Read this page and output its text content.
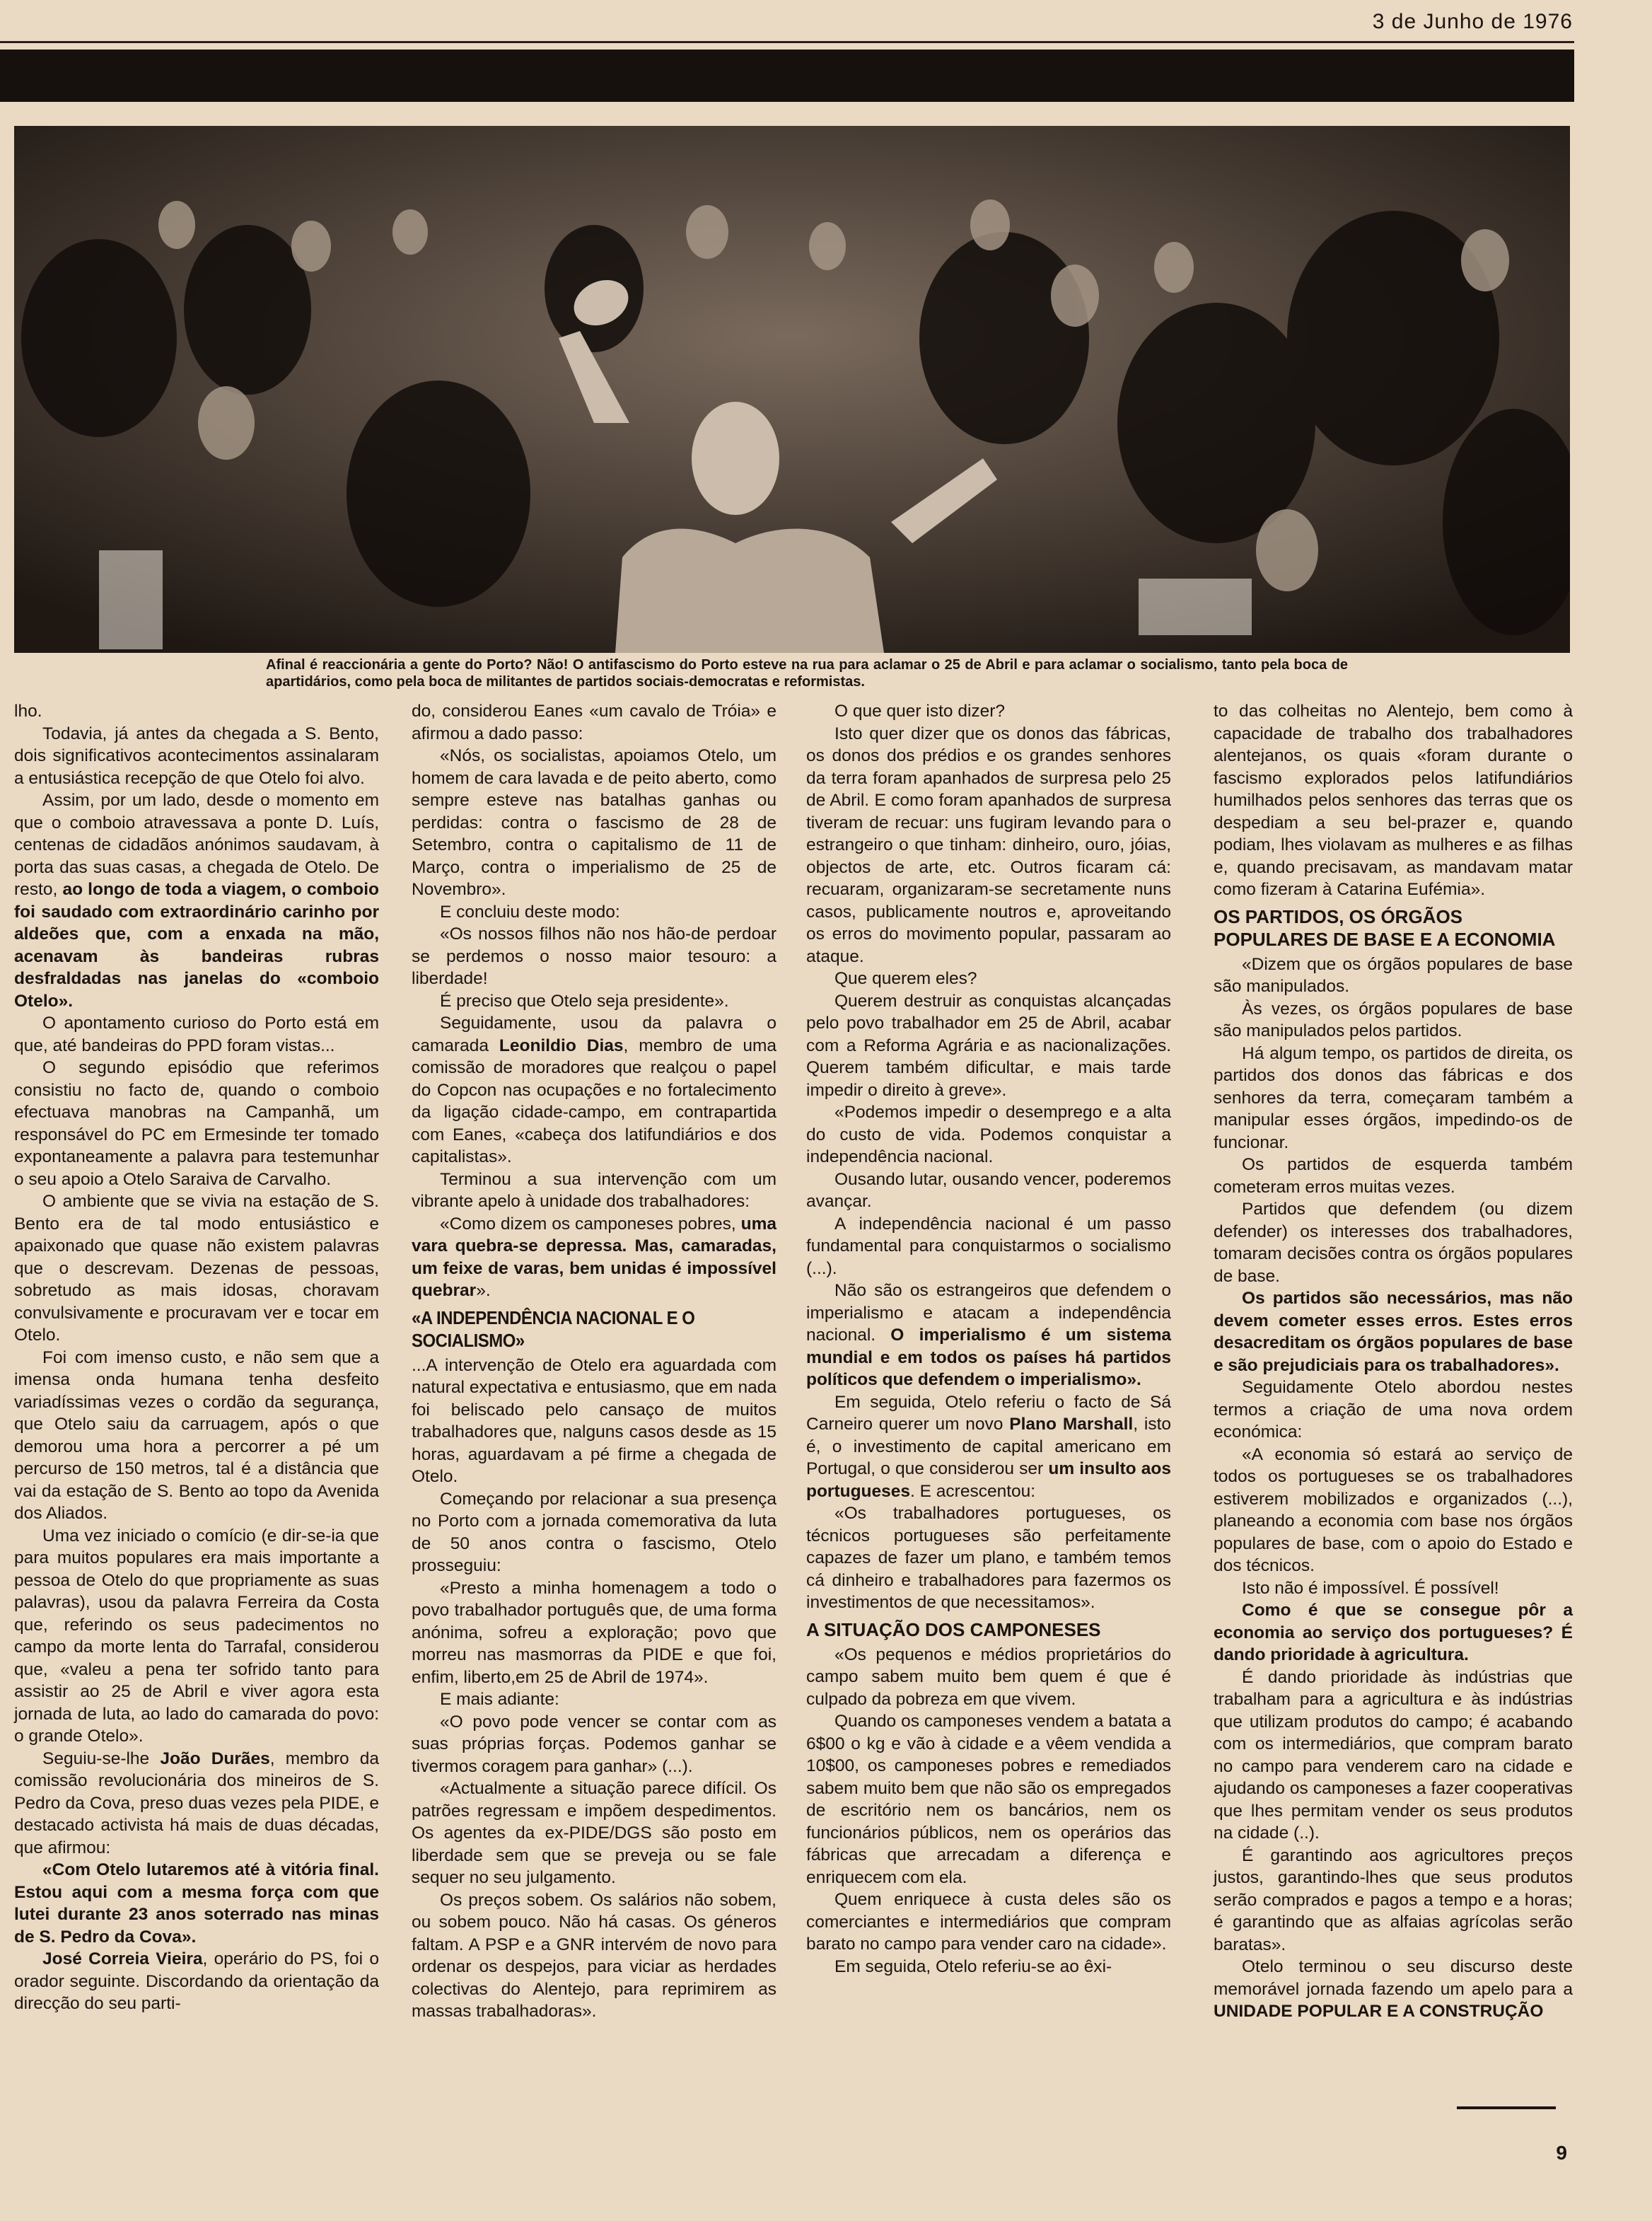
3 de Junho de 1976
Afinal é reaccionária a gente do Porto? Não! O antifascismo do Porto esteve na rua para aclamar o 25 de Abril e para aclamar o socialismo, tanto pela boca de apartidários, como pela boca de militantes de partidos sociais-democratas e reformistas.

lho.

Todavia, já antes da chegada a S. Bento, dois significativos acontecimentos assinalaram a entusiástica recepção de que Otelo foi alvo.

Assim, por um lado, desde o momento em que o comboio atravessava a ponte D. Luís, centenas de cidadãos anónimos saudavam, à porta das suas casas, a chegada de Otelo. De resto, ao longo de toda a viagem, o comboio foi saudado com extraordinário carinho por aldeões que, com a enxada na mão, acenavam às bandeiras rubras desfraldadas nas janelas do «comboio Otelo».

O apontamento curioso do Porto está em que, até bandeiras do PPD foram vistas...

O segundo episódio que referimos consistiu no facto de, quando o comboio efectuava manobras na Campanhã, um responsável do PC em Ermesinde ter tomado expontaneamente a palavra para testemunhar o seu apoio a Otelo Saraiva de Carvalho.

O ambiente que se vivia na estação de S. Bento era de tal modo entusiástico e apaixonado que quase não existem palavras que o descrevam. Dezenas de pessoas, sobretudo as mais idosas, choravam convulsivamente e procuravam ver e tocar em Otelo.

Foi com imenso custo, e não sem que a imensa onda humana tenha desfeito variadíssimas vezes o cordão da segurança, que Otelo saiu da carruagem, após o que demorou uma hora a percorrer a pé um percurso de 150 metros, tal é a distância que vai da estação de S. Bento ao topo da Avenida dos Aliados.

Uma vez iniciado o comício (e dir-se-ia que para muitos populares era mais importante a pessoa de Otelo do que propriamente as suas palavras), usou da palavra Ferreira da Costa que, referindo os seus padecimentos no campo da morte lenta do Tarrafal, considerou que, «valeu a pena ter sofrido tanto para assistir ao 25 de Abril e viver agora esta jornada de luta, ao lado do camarada do povo: o grande Otelo».

Seguiu-se-lhe João Durães, membro da comissão revolucionária dos mineiros de S. Pedro da Cova, preso duas vezes pela PIDE, e destacado activista há mais de duas décadas, que afirmou:

«Com Otelo lutaremos até à vitória final. Estou aqui com a mesma força com que lutei durante 23 anos soterrado nas minas de S. Pedro da Cova».

José Correia Vieira, operário do PS, foi o orador seguinte. Discordando da orientação da direcção do seu parti-

do, considerou Eanes «um cavalo de Tróia» e afirmou a dado passo:

«Nós, os socialistas, apoiamos Otelo, um homem de cara lavada e de peito aberto, como sempre esteve nas batalhas ganhas ou perdidas: contra o fascismo de 28 de Setembro, contra o capitalismo de 11 de Março, contra o imperialismo de 25 de Novembro».

E concluiu deste modo:

«Os nossos filhos não nos hão-de perdoar se perdemos o nosso maior tesouro: a liberdade!

É preciso que Otelo seja presidente».

Seguidamente, usou da palavra o camarada Leonildio Dias, membro de uma comissão de moradores que realçou o papel do Copcon nas ocupações e no fortalecimento da ligação cidade-campo, em contrapartida com Eanes, «cabeça dos latifundiários e dos capitalistas».

Terminou a sua intervenção com um vibrante apelo à unidade dos trabalhadores:

«Como dizem os camponeses pobres, uma vara quebra-se depressa. Mas, camaradas, um feixe de varas, bem unidas é impossível quebrar».

«A INDEPENDÊNCIA NACIONAL E O SOCIALISMO»

...A intervenção de Otelo era aguardada com natural expectativa e entusiasmo, que em nada foi beliscado pelo cansaço de muitos trabalhadores que, nalguns casos desde as 15 horas, aguardavam a pé firme a chegada de Otelo.

Começando por relacionar a sua presença no Porto com a jornada comemorativa da luta de 50 anos contra o fascismo, Otelo prosseguiu:

«Presto a minha homenagem a todo o povo trabalhador português que, de uma forma anónima, sofreu a exploração; povo que morreu nas masmorras da PIDE e que foi, enfim, liberto,em 25 de Abril de 1974».

E mais adiante:

«O povo pode vencer se contar com as suas próprias forças. Podemos ganhar se tivermos coragem para ganhar» (...).

«Actualmente a situação parece difícil. Os patrões regressam e impõem despedimentos. Os agentes da ex-PIDE/DGS são posto em liberdade sem que se preveja ou se fale sequer no seu julgamento.

Os preços sobem. Os salários não sobem, ou sobem pouco. Não há casas. Os géneros faltam. A PSP e a GNR intervém de novo para ordenar os despejos, para viciar as herdades colectivas do Alentejo, para reprimirem as massas trabalhadoras».

O que quer isto dizer?

Isto quer dizer que os donos das fábricas, os donos dos prédios e os grandes senhores da terra foram apanhados de surpresa pelo 25 de Abril. E como foram apanhados de surpresa tiveram de recuar: uns fugiram levando para o estrangeiro o que tinham: dinheiro, ouro, jóias, objectos de arte, etc. Outros ficaram cá: recuaram, organizaram-se secretamente nuns casos, publicamente noutros e, aproveitando os erros do movimento popular, passaram ao ataque.

Que querem eles?

Querem destruir as conquistas alcançadas pelo povo trabalhador em 25 de Abril, acabar com a Reforma Agrária e as nacionalizações. Querem também dificultar, e mais tarde impedir o direito à greve».

«Podemos impedir o desemprego e a alta do custo de vida. Podemos conquistar a independência nacional.

Ousando lutar, ousando vencer, poderemos avançar.

A independência nacional é um passo fundamental para conquistarmos o socialismo (...).

Não são os estrangeiros que defendem o imperialismo e atacam a independência nacional. O imperialismo é um sistema mundial e em todos os países há partidos políticos que defendem o imperialismo».

Em seguida, Otelo referiu o facto de Sá Carneiro querer um novo Plano Marshall, isto é, o investimento de capital americano em Portugal, o que considerou ser um insulto aos portugueses. E acrescentou:

«Os trabalhadores portugueses, os técnicos portugueses são perfeitamente capazes de fazer um plano, e também temos cá dinheiro e trabalhadores para fazermos os investimentos de que necessitamos».

A SITUAÇÃO DOS CAMPONESES

«Os pequenos e médios proprietários do campo sabem muito bem quem é que é culpado da pobreza em que vivem.

Quando os camponeses vendem a batata a 6$00 o kg e vão à cidade e a vêem vendida a 10$00, os camponeses pobres e remediados sabem muito bem que não são os empregados de escritório nem os bancários, nem os funcionários públicos, nem os operários das fábricas que arrecadam a diferença e enriquecem com ela.

Quem enriquece à custa deles são os comerciantes e intermediários que compram barato no campo para vender caro na cidade».

Em seguida, Otelo referiu-se ao êxi-

to das colheitas no Alentejo, bem como à capacidade de trabalho dos trabalhadores alentejanos, os quais «foram durante o fascismo explorados pelos latifundiários humilhados pelos senhores das terras que os despediam a seu bel-prazer e, quando podiam, lhes violavam as mulheres e as filhas e, quando precisavam, as mandavam matar como fizeram à Catarina Eufémia».

OS PARTIDOS, OS ÓRGÃOS POPULARES DE BASE E A ECONOMIA

«Dizem que os órgãos populares de base são manipulados.

Às vezes, os órgãos populares de base são manipulados pelos partidos.

Há algum tempo, os partidos de direita, os partidos dos donos das fábricas e dos senhores da terra, começaram também a manipular esses órgãos, impedindo-os de funcionar.

Os partidos de esquerda também cometeram erros muitas vezes.

Partidos que defendem (ou dizem defender) os interesses dos trabalhadores, tomaram decisões contra os órgãos populares de base.

Os partidos são necessários, mas não devem cometer esses erros. Estes erros desacreditam os órgãos populares de base e são prejudiciais para os trabalhadores».

Seguidamente Otelo abordou nestes termos a criação de uma nova ordem económica:

«A economia só estará ao serviço de todos os portugueses se os trabalhadores estiverem mobilizados e organizados (...), planeando a economia com base nos órgãos populares de base, com o apoio do Estado e dos técnicos.

Isto não é impossível. É possível!

Como é que se consegue pôr a economia ao serviço dos portugueses? É dando prioridade à agricultura.

É dando prioridade às indústrias que trabalham para a agricultura e às indústrias que utilizam produtos do campo; é acabando com os intermediários, que compram barato no campo para venderem caro na cidade e ajudando os camponeses a fazer cooperativas que lhes permitam vender os seus produtos na cidade (..).

É garantindo aos agricultores preços justos, garantindo-lhes que seus produtos serão comprados e pagos a tempo e a horas; é garantindo que as alfaias agrícolas serão baratas».

Otelo terminou o seu discurso deste memorável jornada fazendo um apelo para a UNIDADE POPULAR E A CONSTRUÇÃO

9
